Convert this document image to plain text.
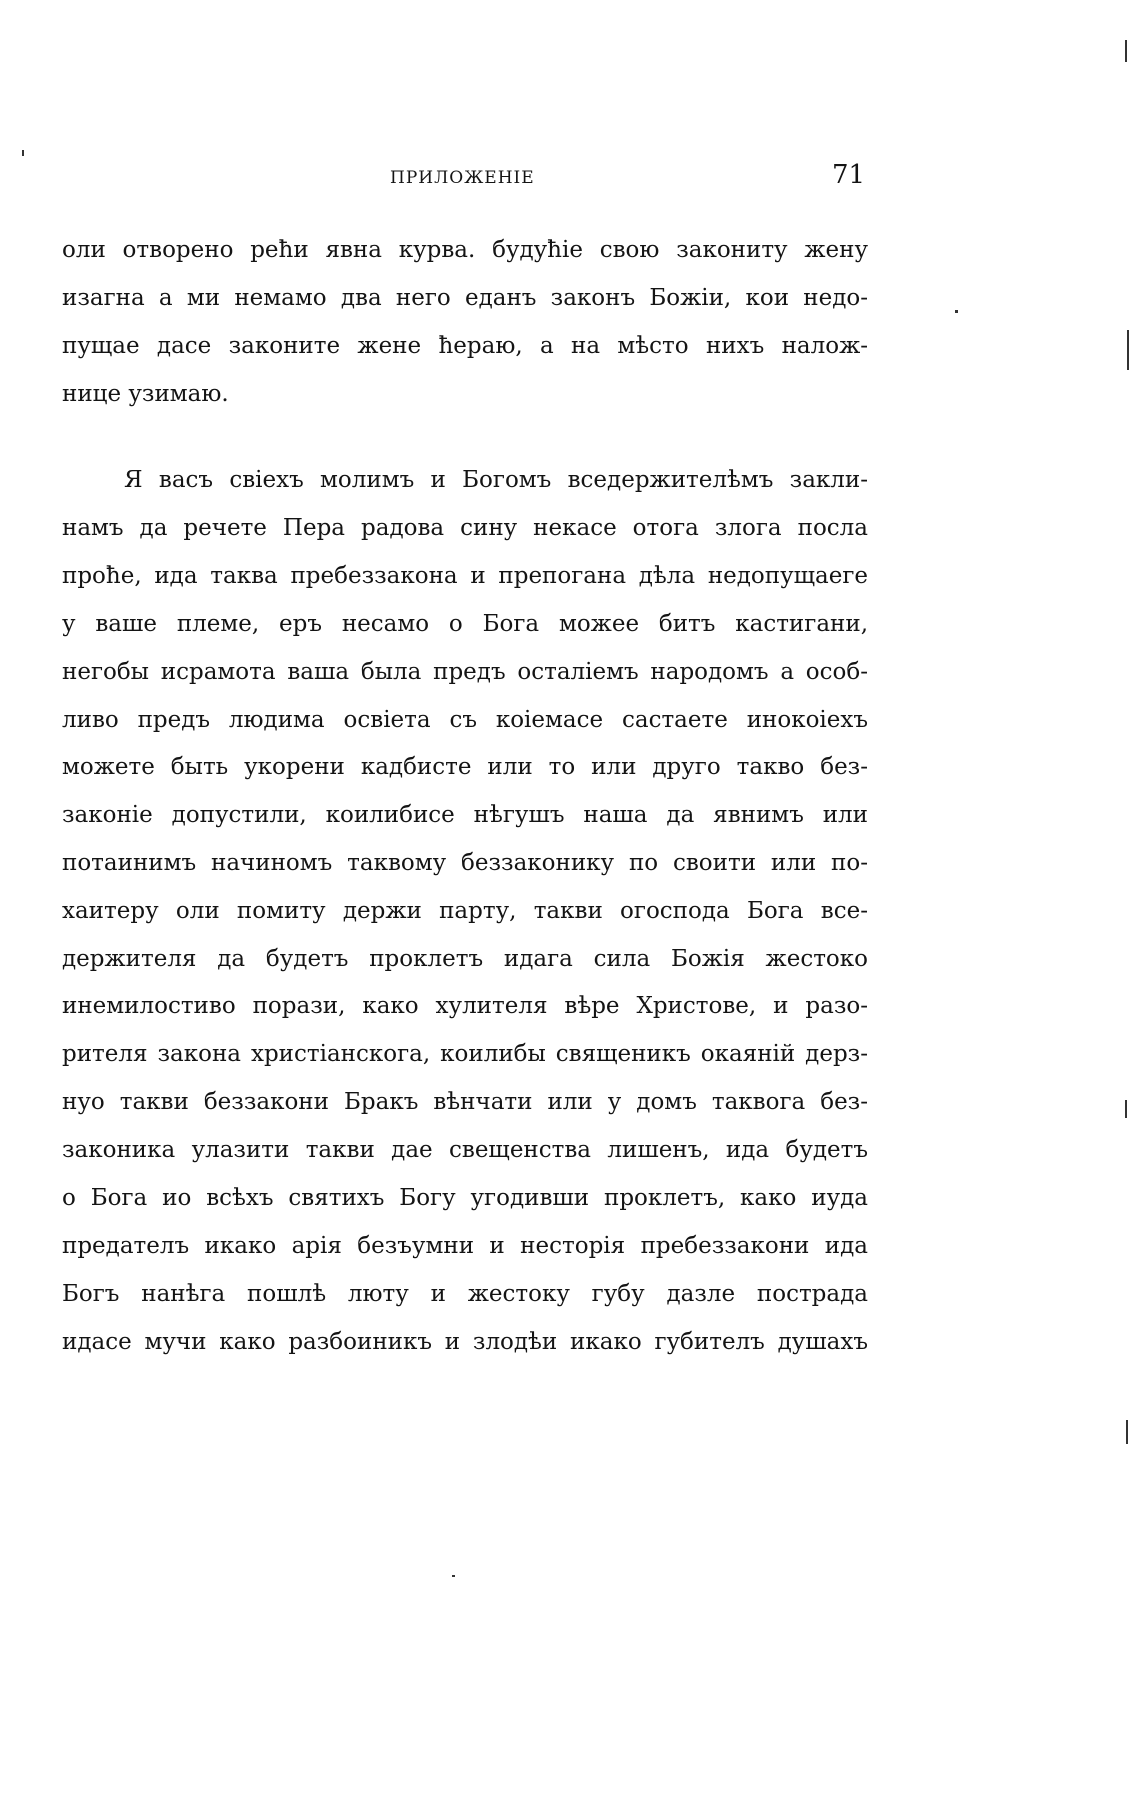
ПРИЛОЖЕНІЕ	71
оли отворено реħи явна курва. будуħіе свою закониту жену
изагна а ми немамо два него еданъ законъ Божіи, кои недо-
пущае дасе законите жене ħераю, а на мѣсто нихъ налож-
нице узимаю.
Я васъ свіехъ молимъ и Богомъ вседержителѣмъ закли-
намъ да речете Пера радова сину некасе отога злога посла
проħе, ида таква пребеззакона и препогана дѣла недопущаеге
у ваше племе, еръ несамо о Бога можее битъ кастигани,
негобы исрамота ваша была предъ осталіемъ народомъ а особ-
ливо предъ людима освіета съ коіемасе састаете инокоіехъ
можете быть укорени кадбисте или то или друго такво без-
законіе допустили, коилибисе нѣгушъ наша да явнимъ или
потаинимъ начиномъ таквому беззаконику по своити или по-
хаитеру оли помиту держи парту, такви огоспода Бога все-
держителя да будетъ проклетъ идага сила Божія жестоко
инемилостиво порази, како хулителя вѣре Христове, и разо-
рителя закона христіанскога, коилибы священикъ окаяній дерз-
нуо такви беззакони Бракъ вѣнчати или у домъ таквога без-
законика улазити такви дае свещенства лишенъ, ида будетъ
о Бога ио всѣхъ святихъ Богу угодивши проклетъ, како иуда
предателъ икако арія безъумни и несторія пребеззакони ида
Богъ нанѣга пошлѣ люту и жестоку губу дазле пострада
идасе мучи како разбоиникъ и злодѣи икако губителъ душахъ
